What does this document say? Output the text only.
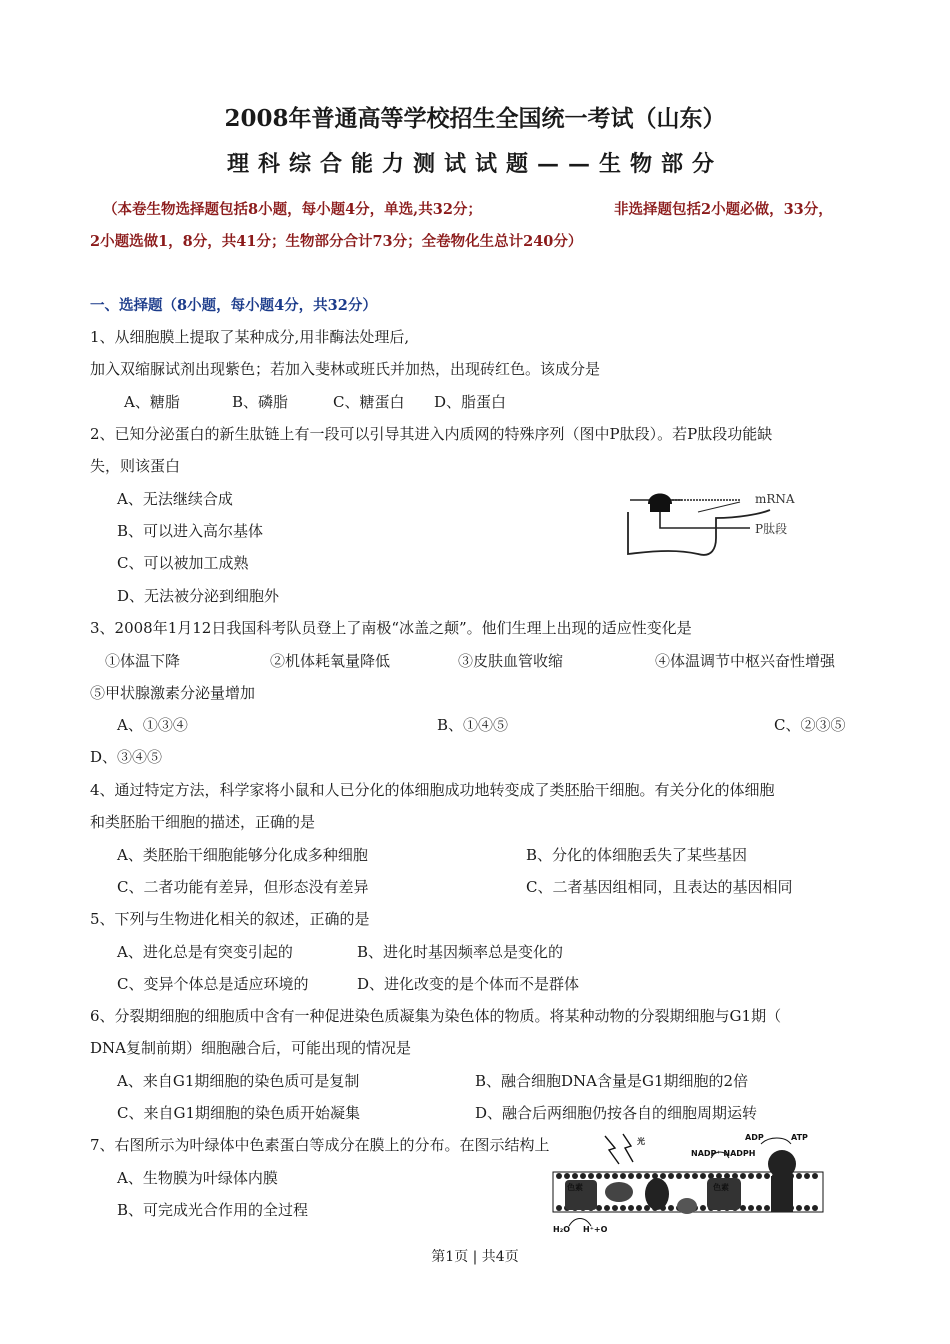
2008年普通高等学校招生全国统一考试（山东）
理科综合能力测试试题——生物部分
（本卷生物选择题包括8小题，每小题4分，单选,共32分；	非选择题包括2小题必做，33分，
2小题选做1，8分，共41分；生物部分合计73分；全卷物化生总计240分）
一、选择题（8小题，每小题4分，共32分）
1、从细胞膜上提取了某种成分,用非酶法处理后,
加入双缩脲试剂出现紫色；若加入斐林或班氏并加热，出现砖红色。该成分是
A、糖脂	B、磷脂	C、糖蛋白 D、脂蛋白
2、已知分泌蛋白的新生肽链上有一段可以引导其进入内质网的特殊序列（图中P肽段）。若P肽段功能缺
失，则该蛋白
A、无法继续合成
B、可以进入高尔基体
C、可以被加工成熟
D、无法被分泌到细胞外
mRNA
P肽段
3、2008年1月12日我国科考队员登上了南极“冰盖之颠”。他们生理上出现的适应性变化是
①体温下降	②机体耗氧量降低	③皮肤血管收缩	④体温调节中枢兴奋性增强
⑤甲状腺激素分泌量增加
A、①③④	B、①④⑤	C、②③⑤
D、③④⑤
4、通过特定方法，科学家将小鼠和人已分化的体细胞成功地转变成了类胚胎干细胞。有关分化的体细胞
和类胚胎干细胞的描述，正确的是
A、类胚胎干细胞能够分化成多种细胞	B、分化的体细胞丢失了某些基因
C、二者功能有差异，但形态没有差异	C、二者基因组相同，且表达的基因相同
5、下列与生物进化相关的叙述，正确的是
A、进化总是有突变引起的	B、进化时基因频率总是变化的
C、变异个体总是适应环境的	D、进化改变的是个体而不是群体
6、分裂期细胞的细胞质中含有一种促进染色质凝集为染色体的物质。将某种动物的分裂期细胞与G1期（
DNA复制前期）细胞融合后，可能出现的情况是
A、来自G1期细胞的染色质可是复制	B、融合细胞DNA含量是G1期细胞的2倍
C、来自G1期细胞的染色质开始凝集	D、融合后两细胞仍按各自的细胞周期运转
7、右图所示为叶绿体中色素蛋白等成分在膜上的分布。在图示结构上
A、生物膜为叶绿体内膜
B、可完成光合作用的全过程
色素	色素
光	ADP	ATP
NADP⁺ NADPH
H₂O H⁺+O
第1页 | 共4页
